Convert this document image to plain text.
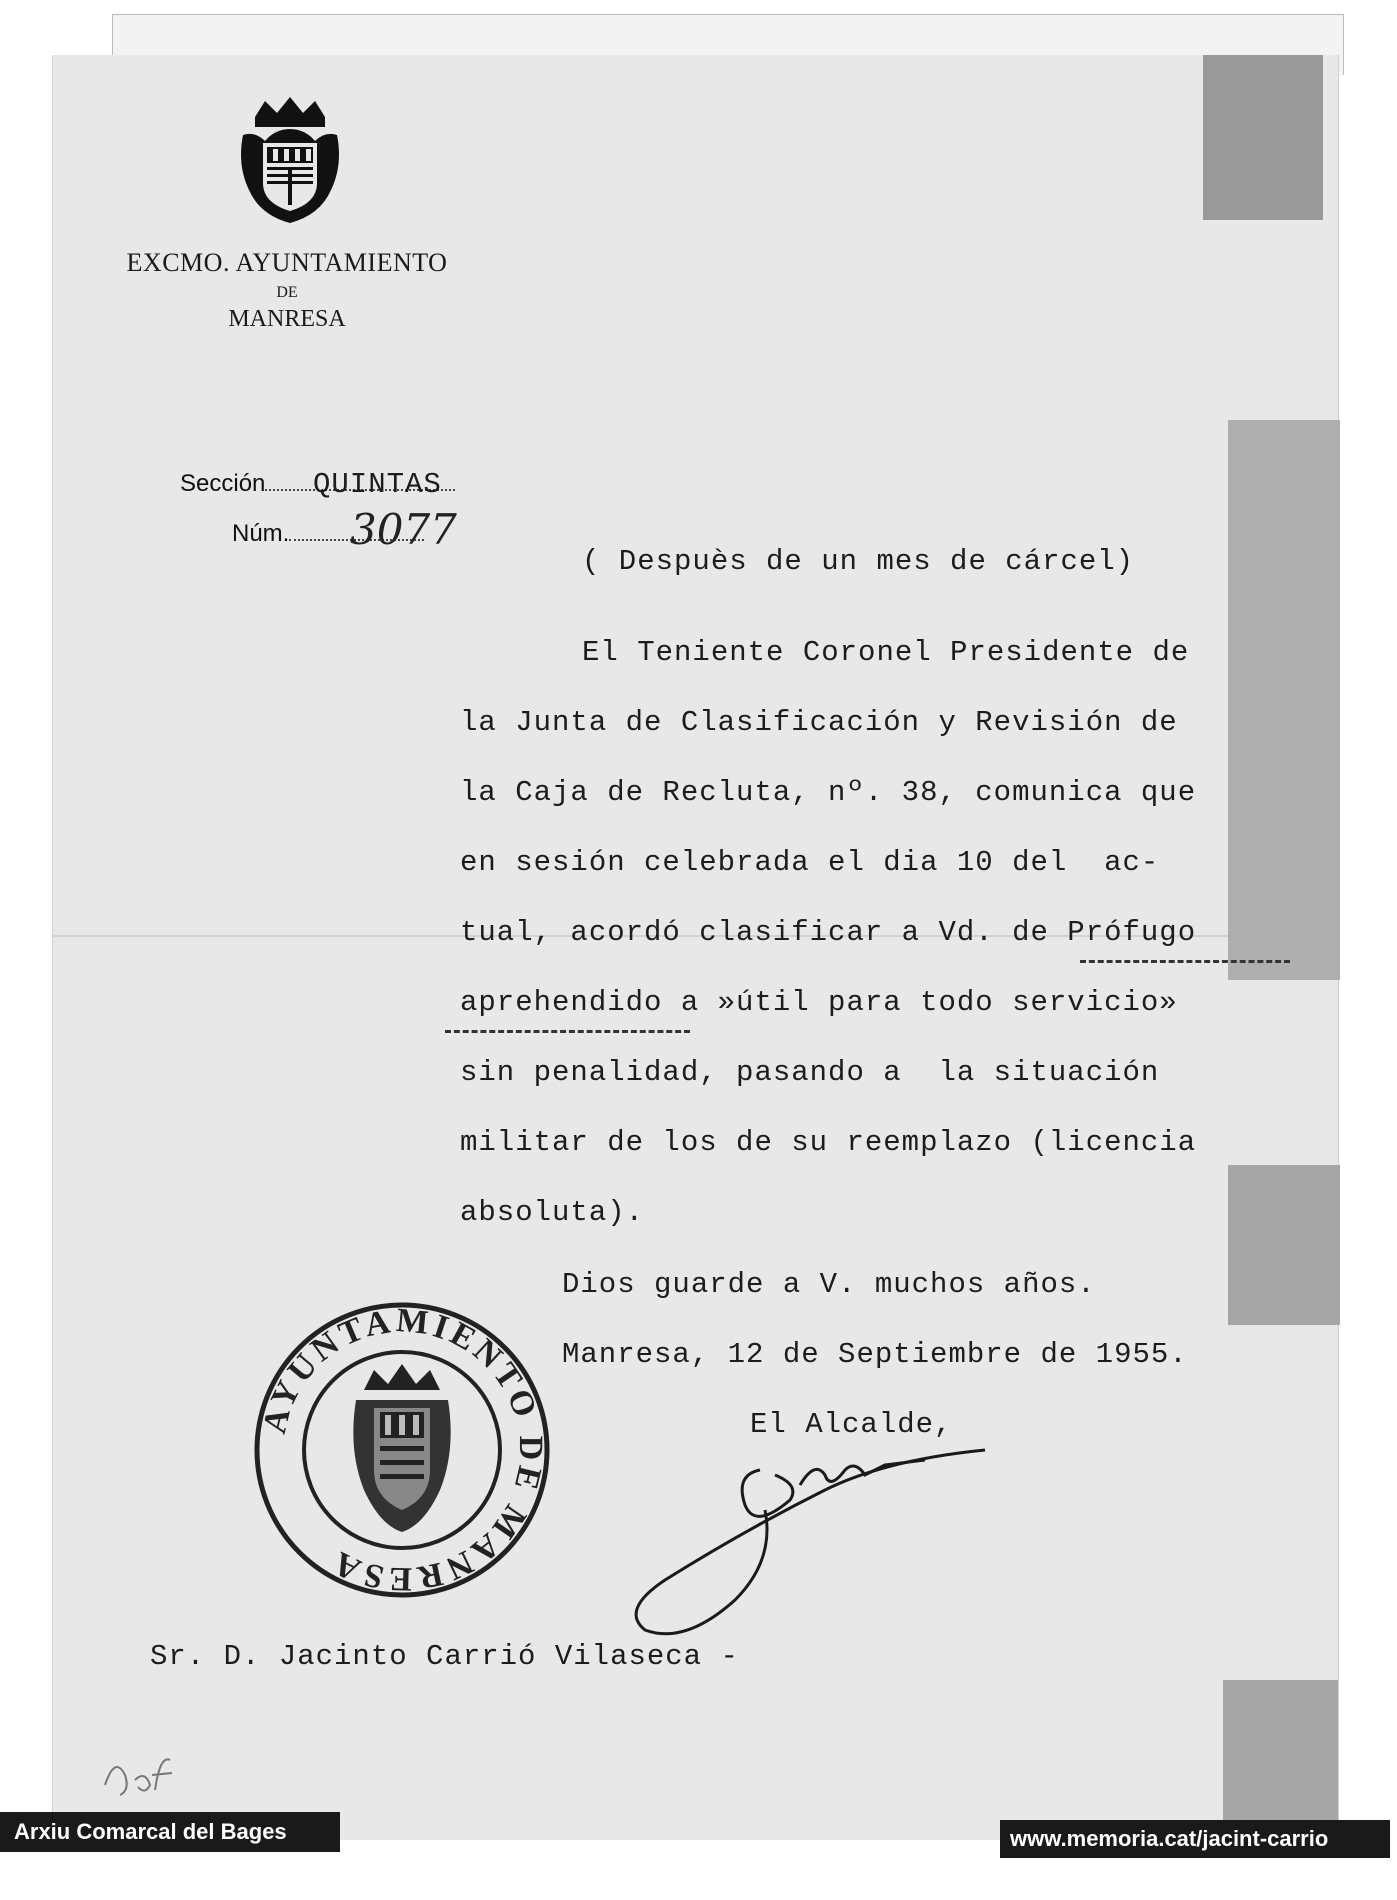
EXCMO. AYUNTAMIENTO
DE
MANRESA
Sección	QUINTAS
Núm.	3077
( Despuès de un mes de cárcel)
El Teniente Coronel Presidente de
la Junta de Clasificación y Revisión de
la Caja de Recluta, nº. 38, comunica que
en sesión celebrada el dia 10 del  ac-
tual, acordó clasificar a Vd. de Prófugo
aprehendido a »útil para todo servicio»
sin penalidad, pasando a  la situación
militar de los de su reemplazo (licencia
absoluta).
Dios guarde a V. muchos años.
Manresa, 12 de Septiembre de 1955.
El Alcalde,
AYUNTAMIENTO DE MANRESA
Sr. D. Jacinto Carrió Vilaseca -
Arxiu Comarcal del Bages	www.memoria.cat/jacint-carrio
